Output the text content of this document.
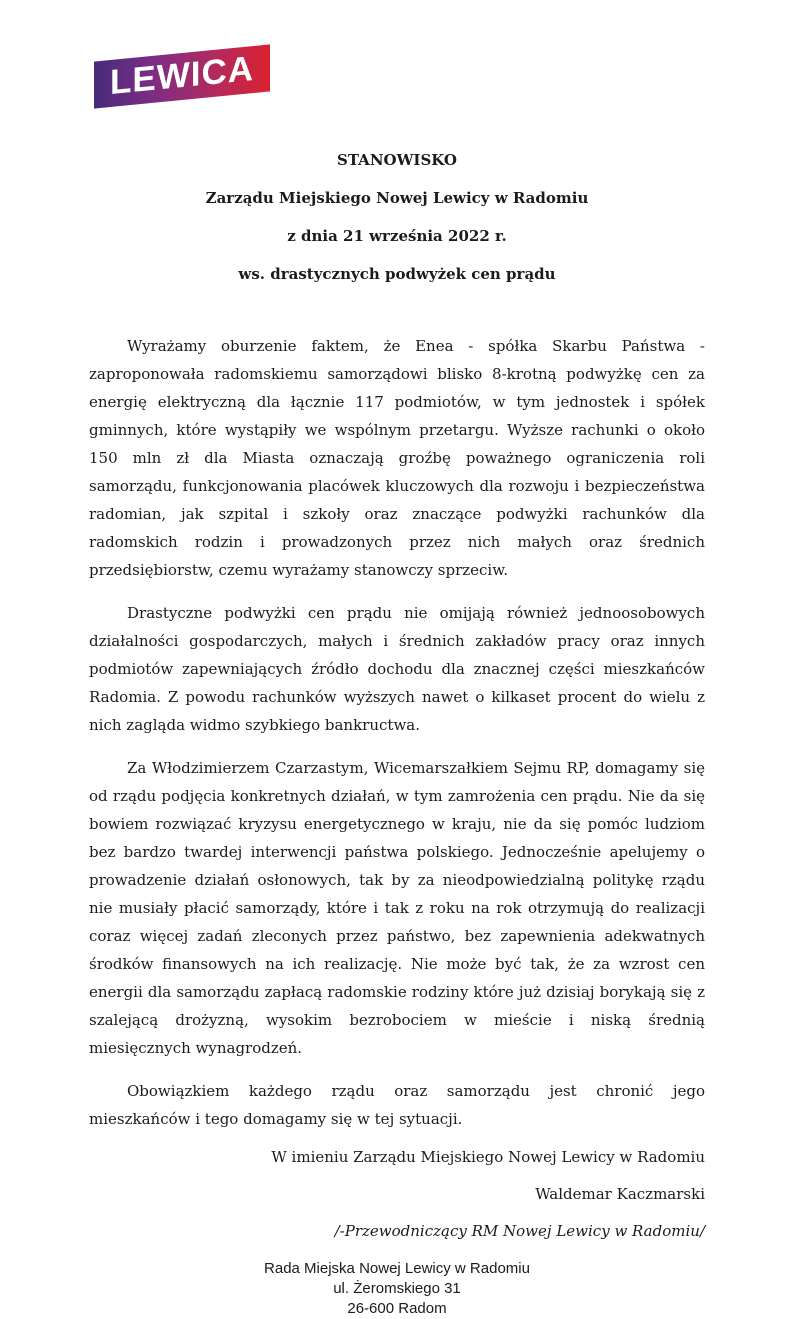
LEWICA

STANOWISKO

Zarządu Miejskiego Nowej Lewicy w Radomiu

z dnia 21 września 2022 r.

ws. drastycznych podwyżek cen prądu

Wyrażamy oburzenie faktem, że Enea - spółka Skarbu Państwa - zaproponowała radomskiemu samorządowi blisko 8-krotną podwyżkę cen za energię elektryczną dla łącznie 117 podmiotów, w tym jednostek i spółek gminnych, które wystąpiły we wspólnym przetargu. Wyższe rachunki o około 150 mln zł dla Miasta oznaczają groźbę poważnego ograniczenia roli samorządu, funkcjonowania placówek kluczowych dla rozwoju i bezpieczeństwa radomian, jak szpital i szkoły oraz znaczące podwyżki rachunków dla radomskich rodzin i prowadzonych przez nich małych oraz średnich przedsiębiorstw, czemu wyrażamy stanowczy sprzeciw.

Drastyczne podwyżki cen prądu nie omijają również jednoosobowych działalności gospodarczych, małych i średnich zakładów pracy oraz innych podmiotów zapewniających źródło dochodu dla znacznej części mieszkańców Radomia. Z powodu rachunków wyższych nawet o kilkaset procent do wielu z nich zagląda widmo szybkiego bankructwa.

Za Włodzimierzem Czarzastym, Wicemarszałkiem Sejmu RP, domagamy się od rządu podjęcia konkretnych działań, w tym zamrożenia cen prądu. Nie da się bowiem rozwiązać kryzysu energetycznego w kraju, nie da się pomóc ludziom bez bardzo twardej interwencji państwa polskiego. Jednocześnie apelujemy o prowadzenie działań osłonowych, tak by za nieodpowiedzialną politykę rządu nie musiały płacić samorządy, które i tak z roku na rok otrzymują do realizacji coraz więcej zadań zleconych przez państwo, bez zapewnienia adekwatnych środków finansowych na ich realizację. Nie może być tak, że za wzrost cen energii dla samorządu zapłacą radomskie rodziny które już dzisiaj borykają się z szalejącą drożyzną, wysokim bezrobociem w mieście i niską średnią miesięcznych wynagrodzeń.

Obowiązkiem każdego rządu oraz samorządu jest chronić jego mieszkańców i tego domagamy się w tej sytuacji.

W imieniu Zarządu Miejskiego Nowej Lewicy w Radomiu

Waldemar Kaczmarski

/-Przewodniczący RM Nowej Lewicy w Radomiu/

Rada Miejska Nowej Lewicy w Radomiu

ul. Żeromskiego 31

26-600 Radom
